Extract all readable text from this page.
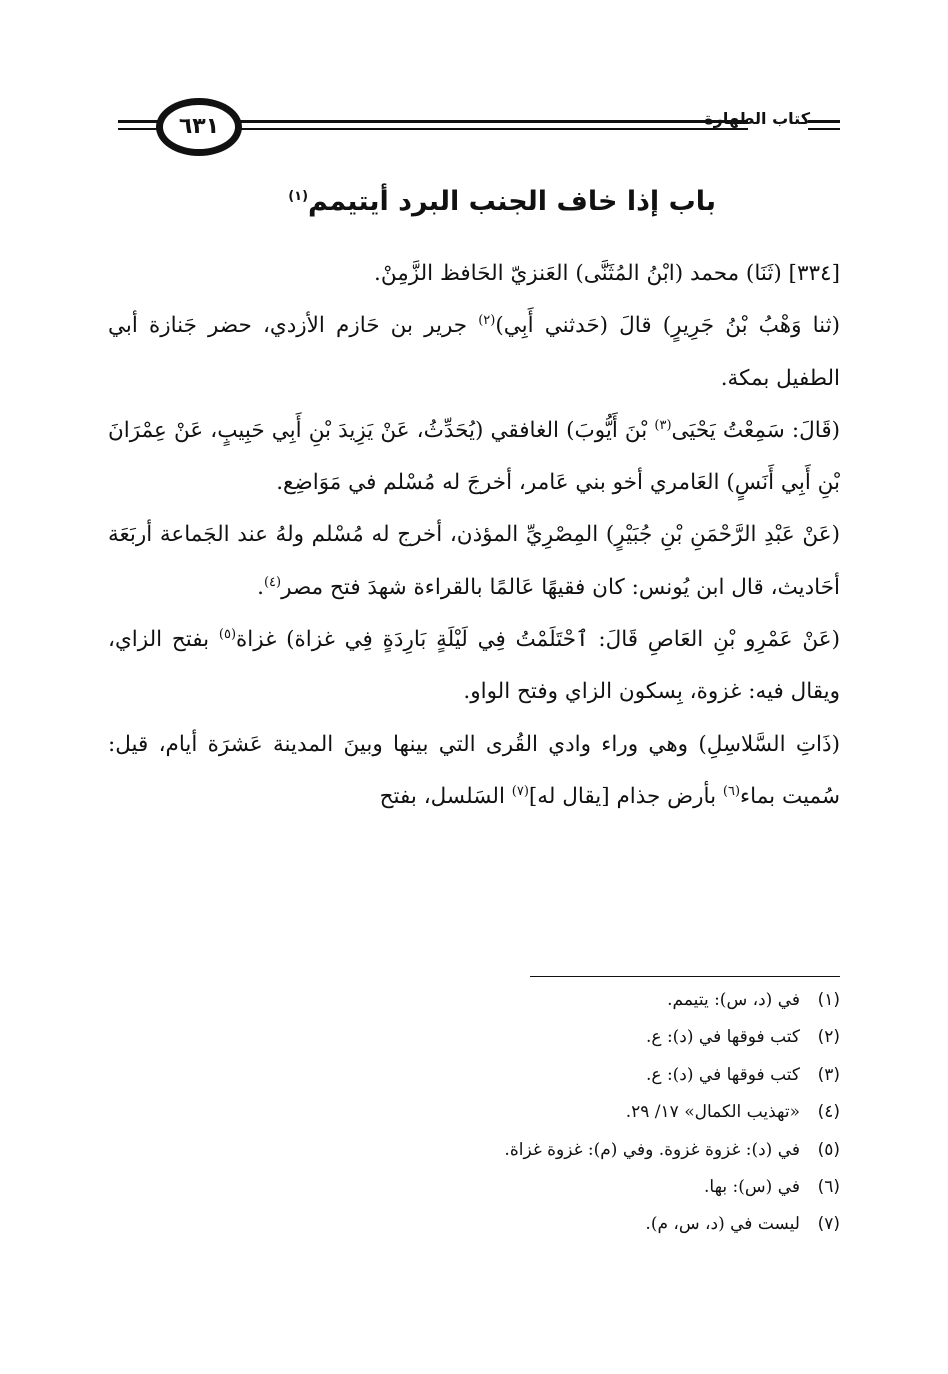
٦٣١	كتاب الطهارة
باب إذا خاف الجنب البرد أيتيمم$^{(١)}$

[٣٣٤] (ثَنَا) محمد (ابْنُ المُثَنَّى) العَنزيّ الحَافظ الزَّمِنْ.

(ثنا وَهْبُ بْنُ جَرِيرٍ) قالَ (حَدثني أَبِي)$^{(٢)}$ جرير بن حَازم الأزدي، حضر جَنازة أبي الطفيل بمكة.

(قَالَ: سَمِعْتُ يَحْيَى$^{(٣)}$ بْنَ أَيُّوبَ) الغافقي (يُحَدِّثُ، عَنْ يَزِيدَ بْنِ أَبِي حَبِيبٍ، عَنْ عِمْرَانَ بْنِ أَبِي أَنَسٍ) العَامري أخو بني عَامر، أخرجَ له مُسْلم في مَوَاضِع.

(عَنْ عَبْدِ الرَّحْمَنِ بْنِ جُبَيْرٍ) المِصْرِيِّ المؤذن، أخرج له مُسْلم ولهُ عند الجَماعة أربَعَة أحَاديث، قال ابن يُونس: كان فقيهًا عَالمًا بالقراءة شهدَ فتح مصر$^{(٤)}$.

(عَنْ عَمْرِو بْنِ العَاصِ قَالَ: ٱحْتَلَمْتُ فِي لَيْلَةٍ بَارِدَةٍ فِي غزاة) غزاة$^{(٥)}$ بفتح الزاي، ويقال فيه: غزوة، بِسكون الزاي وفتح الواو.

(ذَاتِ السَّلاسِلِ) وهي وراء وادي القُرى التي بينها وبينَ المدينة عَشرَة أيام، قيل: سُميت بماء$^{(٦)}$ بأرض جذام [يقال له]$^{(٧)}$ السَلسل، بفتح

(١)في (د، س): يتيمم.
(٢)كتب فوقها في (د): ع.
(٣)كتب فوقها في (د): ع.
(٤)«تهذيب الكمال» ١٧/ ٢٩.
(٥)في (د): غزوة غزوة. وفي (م): غزوة غزاة.
(٦)في (س): بها.
(٧)ليست في (د، س، م).
